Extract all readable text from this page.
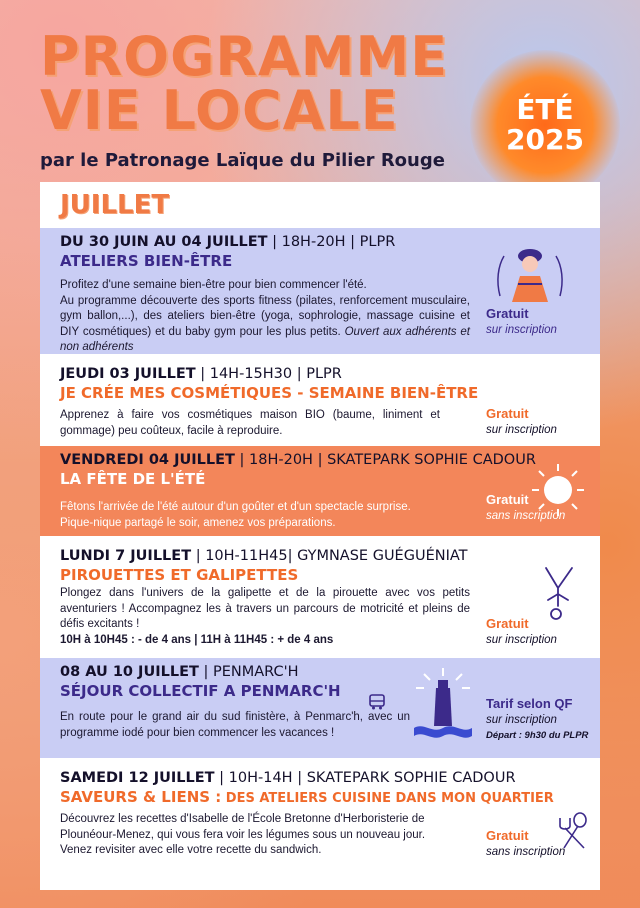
PROGRAMME
VIE LOCALE
par le Patronage Laïque du Pilier Rouge
ÉTÉ
2025
JUILLET
DU 30 JUIN AU 04 JUILLET | 18H-20H | PLPR
ATELIERS BIEN-ÊTRE
Profitez d'une semaine bien-être pour bien commencer l'été.
Au programme découverte des sports fitness (pilates, renforcement musculaire, gym ballon,...), des ateliers bien-être (yoga, sophrologie, massage cuisine et DIY cosmétiques) et du baby gym pour les plus petits. Ouvert aux adhérents et non adhérents
Gratuit
sur inscription
JEUDI 03 JUILLET | 14H-15H30 | PLPR
JE CRÉE MES COSMÉTIQUES - SEMAINE BIEN-ÊTRE
Apprenez à faire vos cosmétiques maison BIO (baume, liniment et gommage) peu coûteux, facile à reproduire.
Gratuit
sur inscription
VENDREDI 04 JUILLET | 18H-20H | SKATEPARK SOPHIE CADOUR
LA FÊTE DE L'ÉTÉ
Fêtons l'arrivée de l'été autour d'un goûter et d'un spectacle surprise.
Pique-nique partagé le soir, amenez vos préparations.
Gratuit
sans inscription
LUNDI 7 JUILLET | 10H-11H45| GYMNASE GUÉGUÉNIAT
PIROUETTES ET GALIPETTES
Plongez dans l'univers de la galipette et de la pirouette avec vos petits aventuriers ! Accompagnez les à travers un parcours de motricité et pleins de défis excitants !
10H à 10H45 : - de 4 ans | 11H à 11H45 : + de 4 ans
Gratuit
sur inscription
08 AU 10 JUILLET | PENMARC'H
SÉJOUR COLLECTIF A PENMARC'H
En route pour le grand air du sud finistère, à Penmarc'h, avec un programme iodé pour bien commencer les vacances !
Tarif selon QF
sur inscription
Départ : 9h30 du PLPR
SAMEDI 12 JUILLET | 10H-14H | SKATEPARK SOPHIE CADOUR
SAVEURS & LIENS : DES ATELIERS CUISINE DANS MON QUARTIER
Découvrez les recettes d'Isabelle de l'École Bretonne d'Herboristerie de Plounéour-Menez, qui vous fera voir les légumes sous un nouveau jour. Venez revisiter avec elle votre recette du sandwich.
Gratuit
sans inscription
